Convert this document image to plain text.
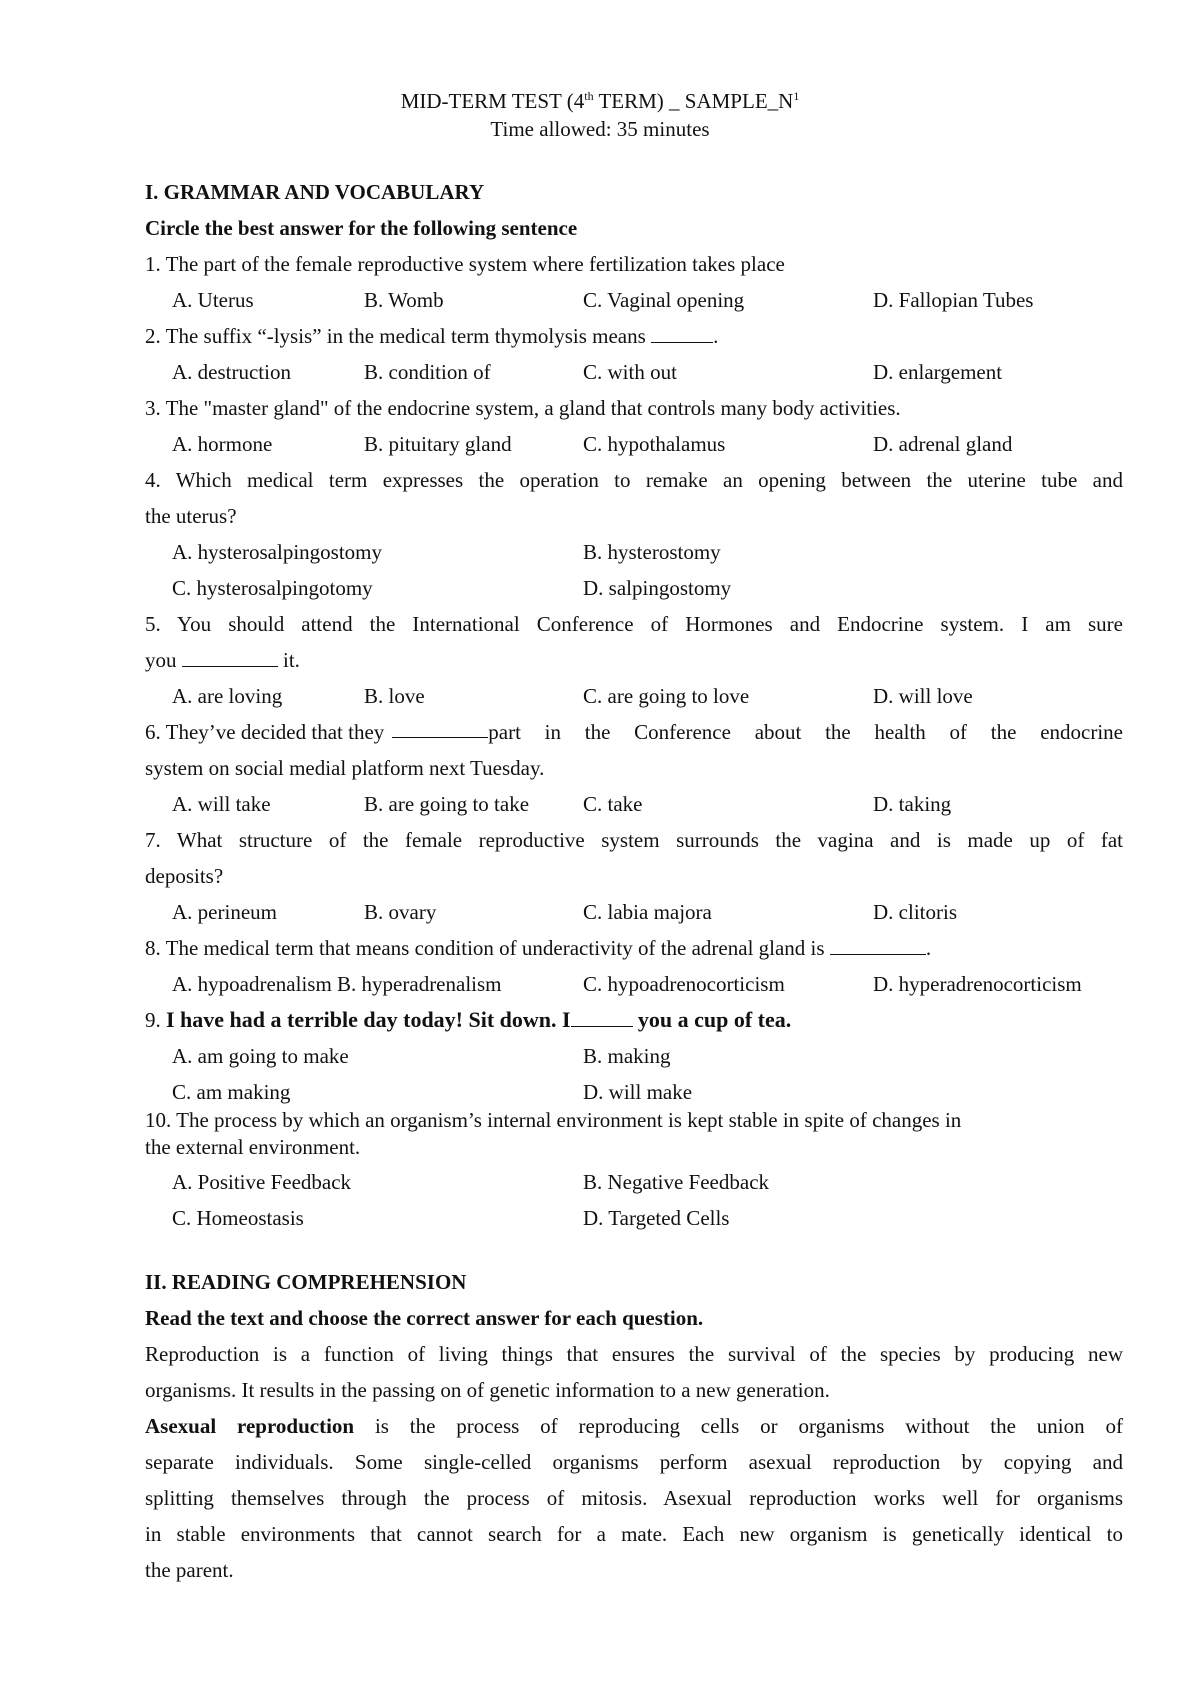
MID-TERM TEST (4th TERM) _ $SAMPLE\_N^1$
Time allowed: 35 minutes
I. GRAMMAR AND VOCABULARY
Circle the best answer for the following sentence
1. The part of the female reproductive system where fertilization takes place
A. Uterus	B. Womb	C. Vaginal opening	D. Fallopian Tubes
2. The suffix “-lysis” in the medical term thymolysis means	.
A. destruction	B. condition of	C. with out	D. enlargement
3. The "master gland" of the endocrine system, a gland that controls many body activities.
A. hormone	B. pituitary gland	C. hypothalamus	D. adrenal gland
4. Which medical term expresses the operation to remake an opening between the uterine tube and
the uterus?
A. hysterosalpingostomy	B. hysterostomy
C. hysterosalpingotomy	D. salpingostomy
5. You should attend the International Conference of Hormones and Endocrine system. I am sure
you	it.
A. are loving	B. love	C. are going to love	D. will love
6. They’ve decided that they	part in the Conference about the health of the endocrine
system on social medial platform next Tuesday.
A. will take	B. are going to take	C. take	D. taking
7. What structure of the female reproductive system surrounds the vagina and is made up of fat
deposits?
A. perineum	B. ovary	C. labia majora	D. clitoris
8. The medical term that means condition of underactivity of the adrenal gland is	.
A. hypoadrenalism B. hyperadrenalism	C. hypoadrenocorticism	D. hyperadrenocorticism
9. I have had a terrible day today! Sit down. I	you a cup of tea.
A. am going to make	B. making
C. am making	D. will make
10. The process by which an organism’s internal environment is kept stable in spite of changes in
the external environment.
A. Positive Feedback	B. Negative Feedback
C. Homeostasis	D. Targeted Cells
II. READING COMPREHENSION
Read the text and choose the correct answer for each question.
Reproduction is a function of living things that ensures the survival of the species by producing new
organisms. It results in the passing on of genetic information to a new generation.
Asexual reproduction is the process of reproducing cells or organisms without the union of
separate individuals. Some single-celled organisms perform asexual reproduction by copying and
splitting themselves through the process of mitosis. Asexual reproduction works well for organisms
in stable environments that cannot search for a mate. Each new organism is genetically identical to
the parent.
